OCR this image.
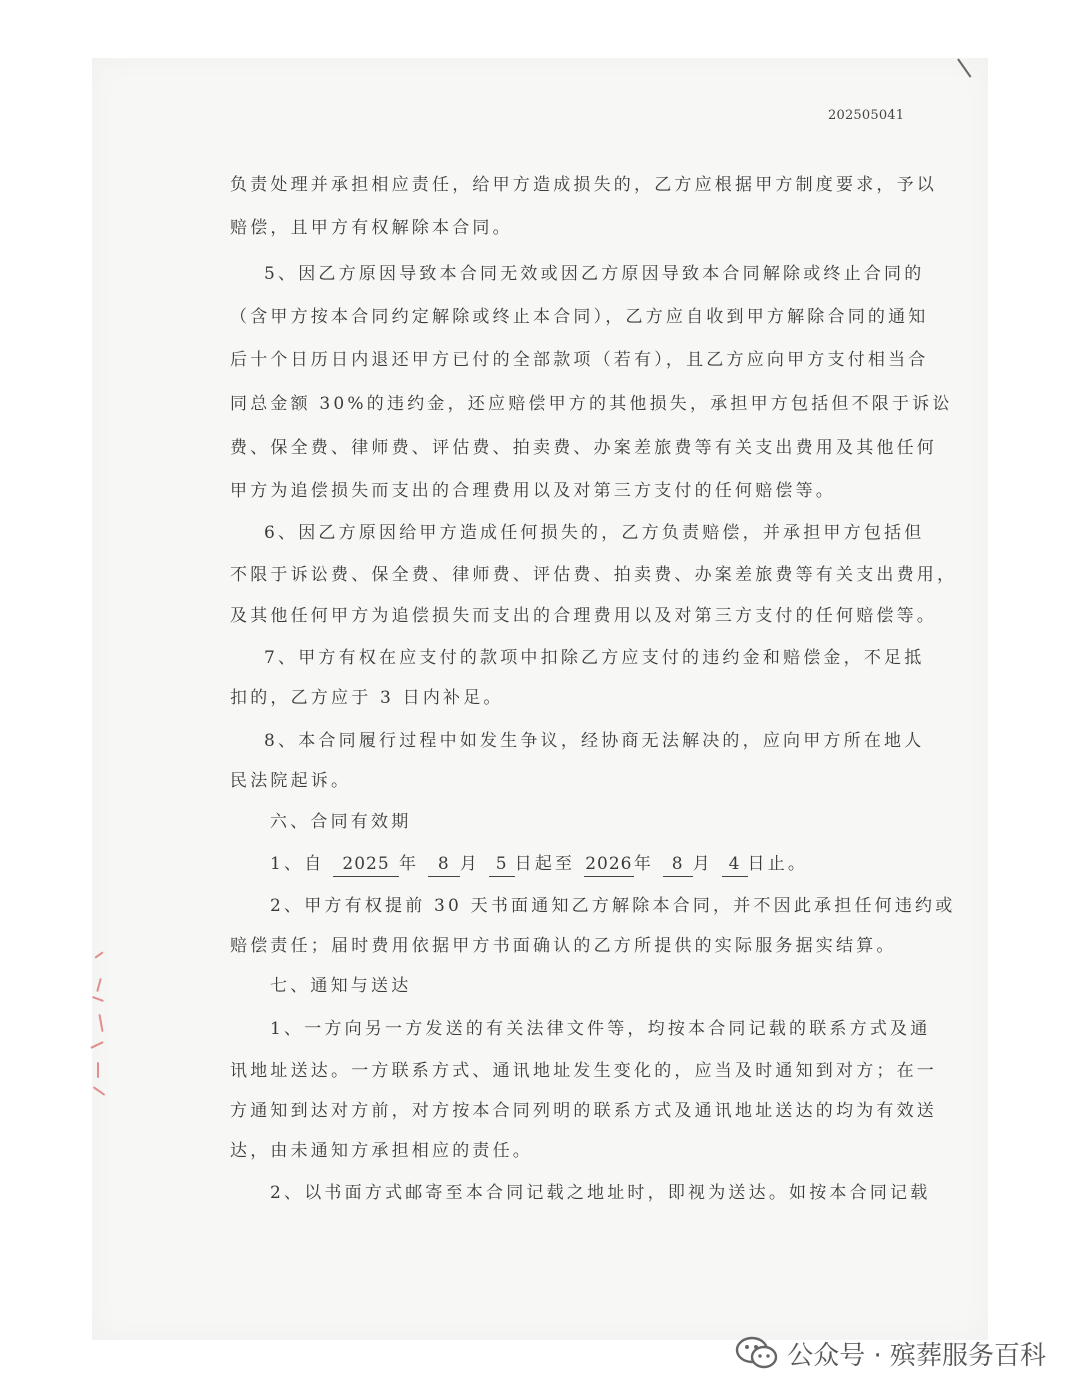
202505041
负责处理并承担相应责任，给甲方造成损失的，乙方应根据甲方制度要求，予以
赔偿，且甲方有权解除本合同。
5、因乙方原因导致本合同无效或因乙方原因导致本合同解除或终止合同的
（含甲方按本合同约定解除或终止本合同），乙方应自收到甲方解除合同的通知
后十个日历日内退还甲方已付的全部款项（若有），且乙方应向甲方支付相当合
同总金额 30%的违约金，还应赔偿甲方的其他损失，承担甲方包括但不限于诉讼
费、保全费、律师费、评估费、拍卖费、办案差旅费等有关支出费用及其他任何
甲方为追偿损失而支出的合理费用以及对第三方支付的任何赔偿等。
6、因乙方原因给甲方造成任何损失的，乙方负责赔偿，并承担甲方包括但
不限于诉讼费、保全费、律师费、评估费、拍卖费、办案差旅费等有关支出费用，
及其他任何甲方为追偿损失而支出的合理费用以及对第三方支付的任何赔偿等。
7、甲方有权在应支付的款项中扣除乙方应支付的违约金和赔偿金，不足抵
扣的，乙方应于 3 日内补足。
8、本合同履行过程中如发生争议，经协商无法解决的，应向甲方所在地人
民法院起诉。
六、合同有效期
1、自 2025 年 8 月 5 日起至 2026年 8 月 4 日止。
2、甲方有权提前 30 天书面通知乙方解除本合同，并不因此承担任何违约或
赔偿责任；届时费用依据甲方书面确认的乙方所提供的实际服务据实结算。
七、通知与送达
1、一方向另一方发送的有关法律文件等，均按本合同记载的联系方式及通
讯地址送达。一方联系方式、通讯地址发生变化的，应当及时通知到对方；在一
方通知到达对方前，对方按本合同列明的联系方式及通讯地址送达的均为有效送
达，由未通知方承担相应的责任。
2、以书面方式邮寄至本合同记载之地址时，即视为送达。如按本合同记载
公众号 · 殡葬服务百科
